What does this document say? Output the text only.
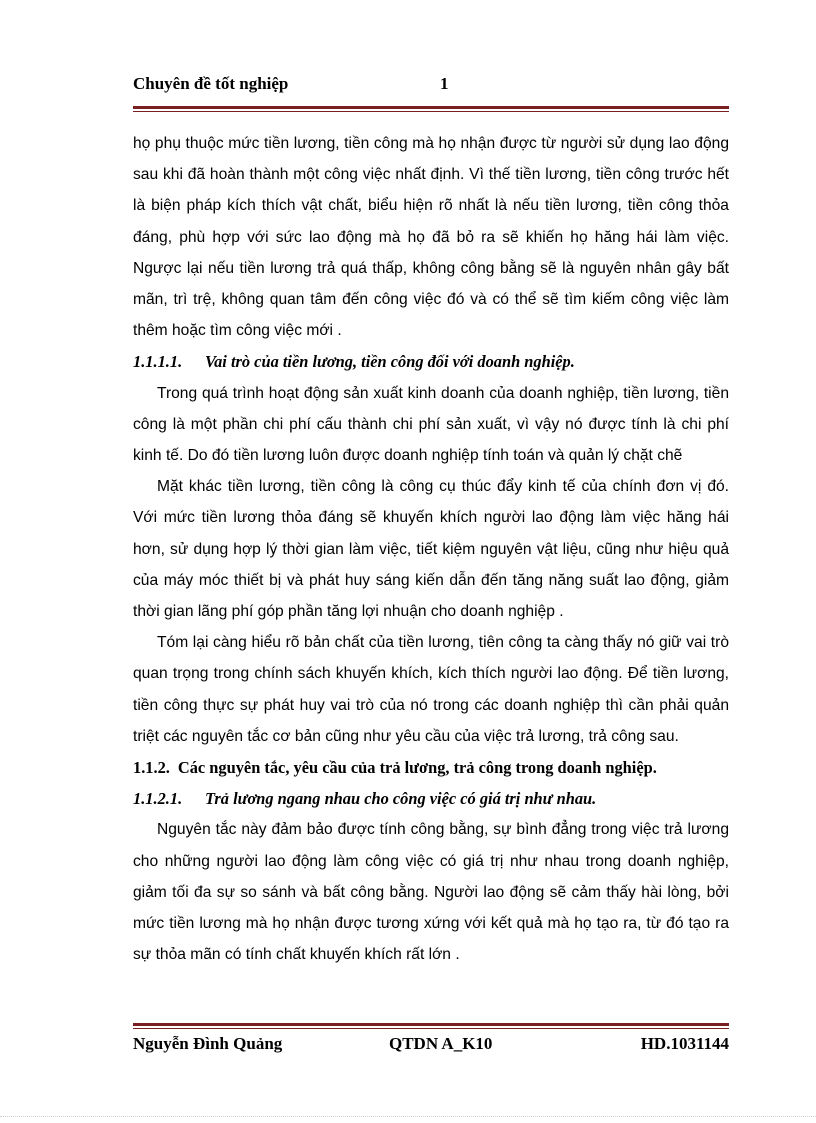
Chuyên đề tốt nghiệp	1

họ phụ thuộc mức tiền lương, tiền công mà họ nhận được từ người sử dụng lao động sau khi đã hoàn thành một công việc nhất định. Vì thế tiền lương, tiền công trước hết là biện pháp kích thích vật chất, biểu hiện rõ nhất là nếu tiền lương, tiền công thỏa đáng, phù hợp với sức lao động mà họ đã bỏ ra sẽ khiến họ hăng hái làm việc. Ngược lại nếu tiền lương trả quá thấp, không công bằng sẽ là nguyên nhân gây bất mãn, trì trệ, không quan tâm đến công việc đó và có thể sẽ tìm kiếm công việc làm thêm hoặc tìm công việc mới .

1.1.1.1. Vai trò của tiền lương, tiền công đối với doanh nghiệp.

Trong quá trình hoạt động sản xuất kinh doanh của doanh nghiệp, tiền lương, tiền công là một phần chi phí cấu thành chi phí sản xuất, vì vậy nó được tính là chi phí kinh tế. Do đó tiền lương luôn được doanh nghiệp tính toán và quản lý chặt chẽ

Mặt khác tiền lương, tiền công là công cụ thúc đẩy kinh tế của chính đơn vị đó. Với mức tiền lương thỏa đáng sẽ khuyến khích người lao động làm việc hăng hái hơn, sử dụng hợp lý thời gian làm việc, tiết kiệm nguyên vật liệu, cũng như hiệu quả của máy móc thiết bị và phát huy sáng kiến dẫn đến tăng năng suất lao động, giảm thời gian lãng phí góp phần tăng lợi nhuận cho doanh nghiệp .

Tóm lại càng hiểu rõ bản chất của tiền lương, tiên công ta càng thấy nó giữ vai trò quan trọng trong chính sách khuyến khích, kích thích người lao động. Để tiền lương, tiền công thực sự phát huy vai trò của nó trong các doanh nghiệp thì cần phải quản triệt các nguyên tắc cơ bản cũng như yêu cầu của việc trả lương, trả công sau.

1.1.2. Các nguyên tắc, yêu cầu của trả lương, trả công trong doanh nghiệp.

1.1.2.1. Trả lương ngang nhau cho công việc có giá trị như nhau.

Nguyên tắc này đảm bảo được tính công bằng, sự bình đẳng trong việc trả lương cho những người lao động làm công việc có giá trị như nhau trong doanh nghiệp, giảm tối đa sự so sánh và bất công bằng. Người lao động sẽ cảm thấy hài lòng, bởi mức tiền lương mà họ nhận được tương xứng với kết quả mà họ tạo ra, từ đó tạo ra sự thỏa mãn có tính chất khuyến khích rất lớn .

Nguyễn Đình Quảng	QTDN A_K10	HD.1031144
